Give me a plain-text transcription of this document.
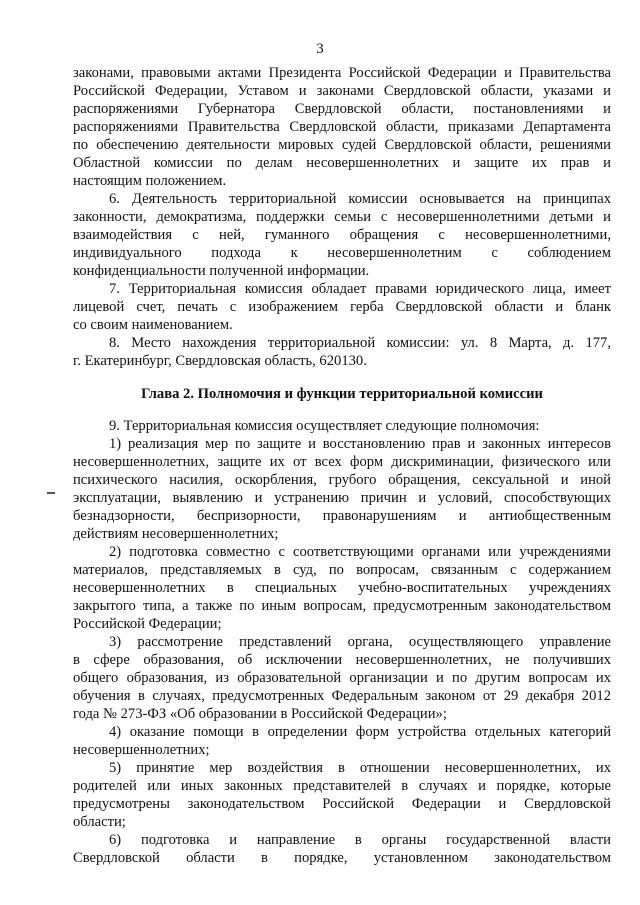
3

законами, правовыми актами Президента Российской Федерации и Правительства
Российской Федерации, Уставом и законами Свердловской области, указами и
распоряжениями Губернатора Свердловской области, постановлениями и
распоряжениями Правительства Свердловской области, приказами Департамента
по обеспечению деятельности мировых судей Свердловской области, решениями
Областной комиссии по делам несовершеннолетних и защите их прав и
настоящим положением.

6. Деятельность территориальной комиссии основывается на принципах
законности, демократизма, поддержки семьи с несовершеннолетними детьми и
взаимодействия с ней, гуманного обращения с несовершеннолетними,
индивидуального подхода к несовершеннолетним с соблюдением
конфиденциальности полученной информации.

7. Территориальная комиссия обладает правами юридического лица, имеет
лицевой счет, печать с изображением герба Свердловской области и бланк
со своим наименованием.

8. Место нахождения территориальной комиссии: ул. 8 Марта, д. 177,
г. Екатеринбург, Свердловская область, 620130.

Глава 2. Полномочия и функции территориальной комиссии

9. Территориальная комиссия осуществляет следующие полномочия:

1) реализация мер по защите и восстановлению прав и законных интересов
несовершеннолетних, защите их от всех форм дискриминации, физического или
психического насилия, оскорбления, грубого обращения, сексуальной и иной
эксплуатации, выявлению и устранению причин и условий, способствующих
безнадзорности, беспризорности, правонарушениям и антиобщественным
действиям несовершеннолетних;

2) подготовка совместно с соответствующими органами или учреждениями
материалов, представляемых в суд, по вопросам, связанным с содержанием
несовершеннолетних в специальных учебно-воспитательных учреждениях
закрытого типа, а также по иным вопросам, предусмотренным законодательством
Российской Федерации;

3) рассмотрение представлений органа, осуществляющего управление
в сфере образования, об исключении несовершеннолетних, не получивших
общего образования, из образовательной организации и по другим вопросам их
обучения в случаях, предусмотренных Федеральным законом от 29 декабря 2012
года № 273-ФЗ «Об образовании в Российской Федерации»;

4) оказание помощи в определении форм устройства отдельных категорий
несовершеннолетних;

5) принятие мер воздействия в отношении несовершеннолетних, их
родителей или иных законных представителей в случаях и порядке, которые
предусмотрены законодательством Российской Федерации и Свердловской
области;

6) подготовка и направление в органы государственной власти
Свердловской области в порядке, установленном законодательством
